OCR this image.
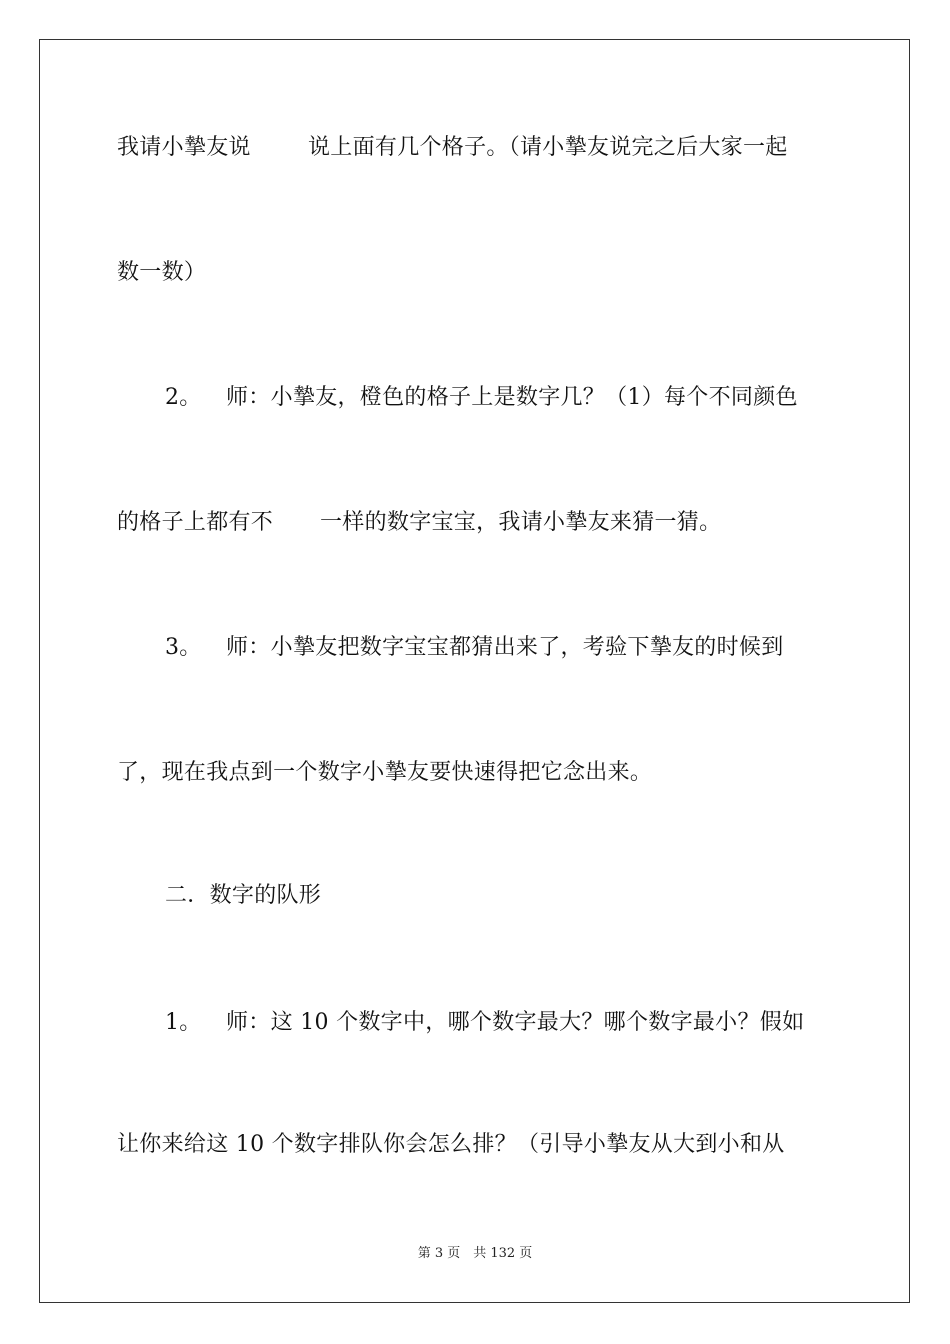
我请小摯友说	说上面有几个格子。（请小摯友说完之后大家一起
数一数）
2。 师：小摯友，橙色的格子上是数字几？（1）每个不同颜色
的格子上都有不 一样的数字宝宝，我请小摯友来猜一猜。
3。 师：小摯友把数字宝宝都猜出来了，考验下摯友的时候到
了，现在我点到一个数字小摯友要快速得把它念出来。
二．数字的队形
1。 师：这 10 个数字中，哪个数字最大？哪个数字最小？假如
让你来给这 10 个数字排队你会怎么排？（引导小摯友从大到小和从
第 3 页　共 132 页
